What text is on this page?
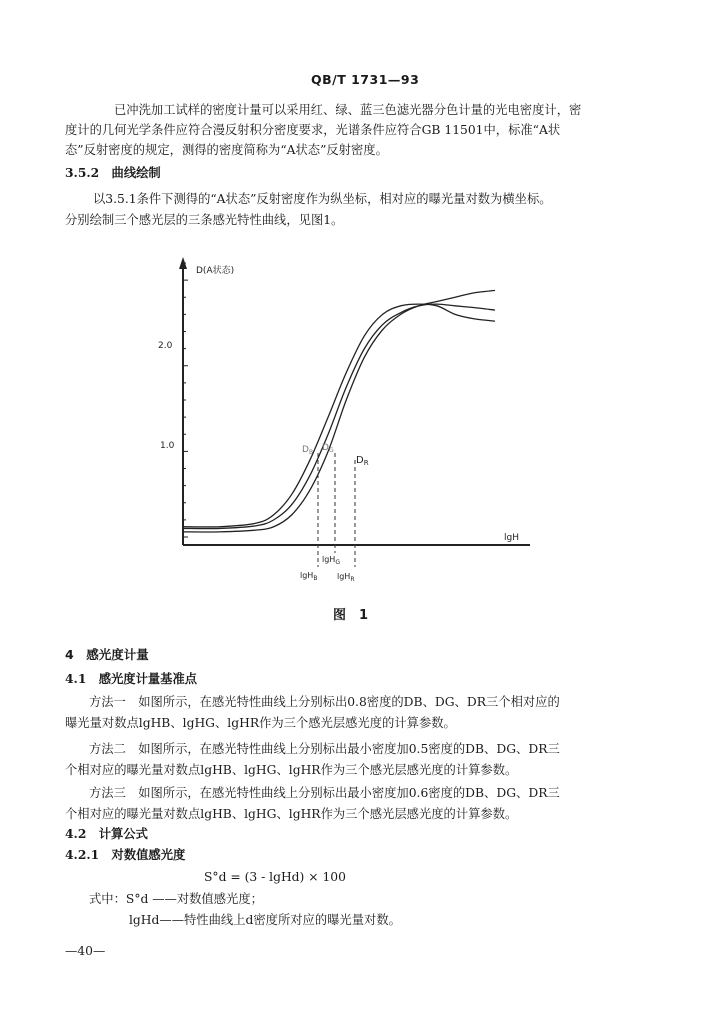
QB/T 1731—93
已冲洗加工试样的密度计量可以采用红、绿、蓝三色滤光器分色计量的光电密度计，密
度计的几何光学条件应符合漫反射积分密度要求，光谱条件应符合GB 11501中，标准“A状
态”反射密度的规定，测得的密度简称为“A状态”反射密度。
3.5.2　曲线绘制
以3.5.1条件下测得的“A状态”反射密度作为纵坐标，相对应的曝光量对数为横坐标。
分别绘制三个感光层的三条感光特性曲线，见图1。
D(A状态)
lgH
2.0
1.0	$D_B$ $D_G$
$D_R$
lgH$_G$
lgH$_B$ lgH$_R$
图　1
4　感光度计量
4.1　感光度计量基准点
方法一　如图所示，在感光特性曲线上分别标出0.8密度的DB、DG、DR三个相对应的
曝光量对数点lgHB、lgHG、lgHR作为三个感光层感光度的计算参数。
方法二　如图所示，在感光特性曲线上分别标出最小密度加0.5密度的DB、DG、DR三
个相对应的曝光量对数点lgHB、lgHG、lgHR作为三个感光层感光度的计算参数。
方法三　如图所示，在感光特性曲线上分别标出最小密度加0.6密度的DB、DG、DR三
个相对应的曝光量对数点lgHB、lgHG、lgHR作为三个感光层感光度的计算参数。
4.2　计算公式
4.2.1　对数值感光度
S°d = (3 - lgHd) × 100
式中：S°d ——对数值感光度；
lgHd——特性曲线上d密度所对应的曝光量对数。
—40—
